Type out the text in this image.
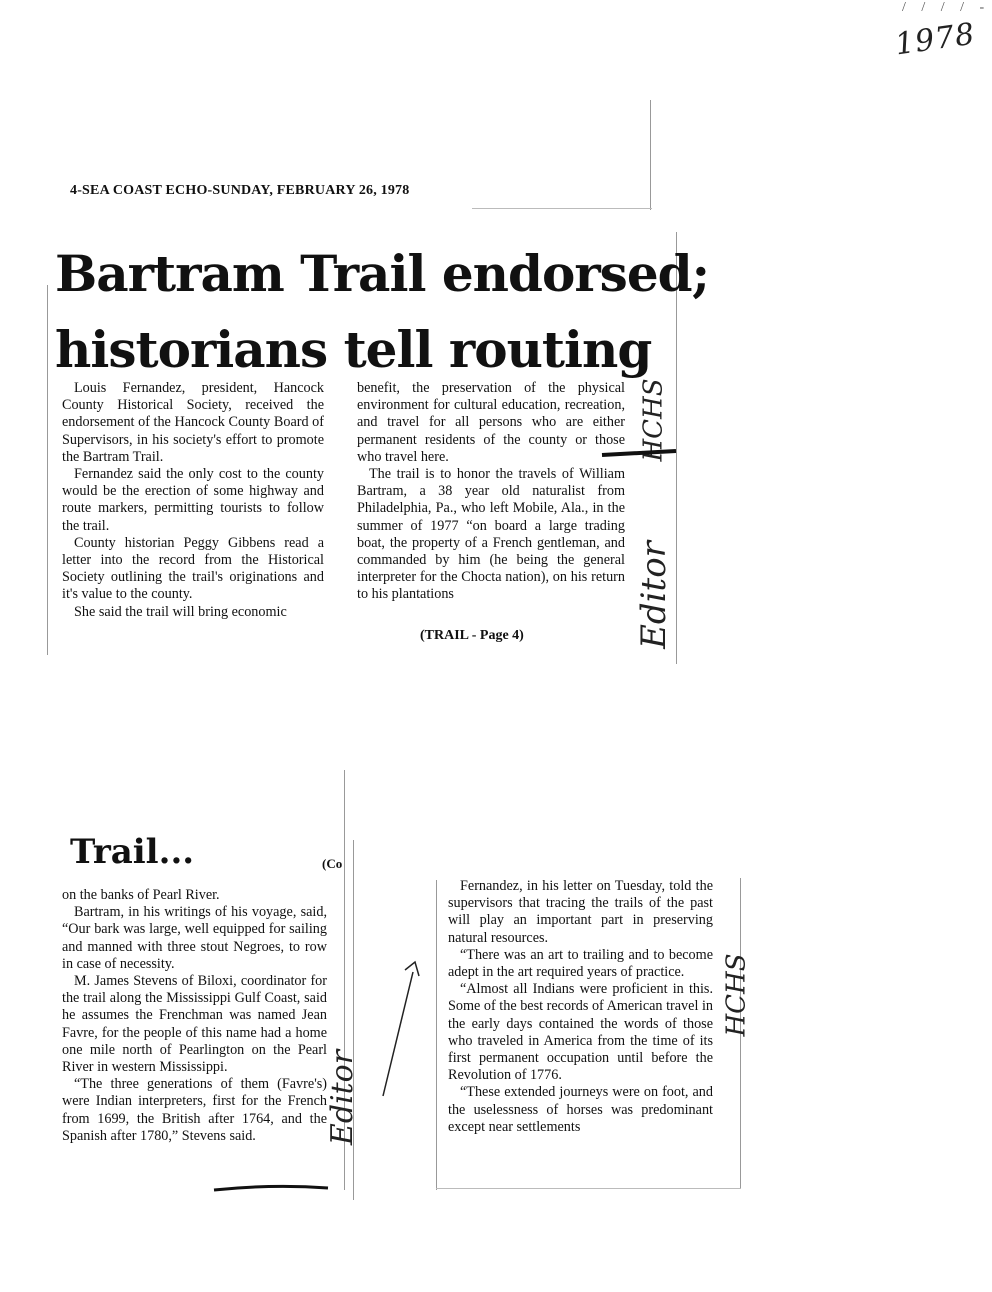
/ / / / -
1978
4-SEA COAST ECHO-SUNDAY, FEBRUARY 26, 1978
Bartram Trail endorsed;
historians tell routing

Louis Fernandez, president, Hancock County Historical Society, received the endorsement of the Hancock County Board of Supervisors, in his society's effort to promote the Bartram Trail.

Fernandez said the only cost to the county would be the erection of some highway and route markers, permitting tourists to follow the trail.

County historian Peggy Gibbens read a letter into the record from the Historical Society outlining the trail's originations and it's value to the county.

She said the trail will bring economic

benefit, the preservation of the physical environment for cultural education, recreation, and travel for all persons who are either permanent residents of the county or those who travel here.

The trail is to honor the travels of William Bartram, a 38 year old naturalist from Philadelphia, Pa., who left Mobile, Ala., in the summer of 1977 “on board a large trading boat, the property of a French gentleman, and commanded by him (he being the general interpreter for the Chocta nation), on his return to his plantations

(TRAIL - Page 4)
HCHS
Editor
Trail...	(Co

on the banks of Pearl River.

Bartram, in his writings of his voyage, said, “Our bark was large, well equipped for sailing and manned with three stout Negroes, to row in case of necessity.

M. James Stevens of Biloxi, coordinator for the trail along the Mississippi Gulf Coast, said he assumes the Frenchman was named Jean Favre, for the people of this name had a home one mile north of Pearlington on the Pearl River in western Mississippi.

“The three generations of them (Favre's) were Indian interpreters, first for the French from 1699, the British after 1764, and the Spanish after 1780,” Stevens said.

Fernandez, in his letter on Tuesday, told the supervisors that tracing the trails of the past will play an important part in preserving natural resources.

“There was an art to trailing and to become adept in the art required years of practice.

“Almost all Indians were proficient in this. Some of the best records of American travel in the early days contained the words of those who traveled in America from the time of its first permanent occupation until before the Revolution of 1776.

“These extended journeys were on foot, and the uselessness of horses was predominant except near settlements

Editor
HCHS
